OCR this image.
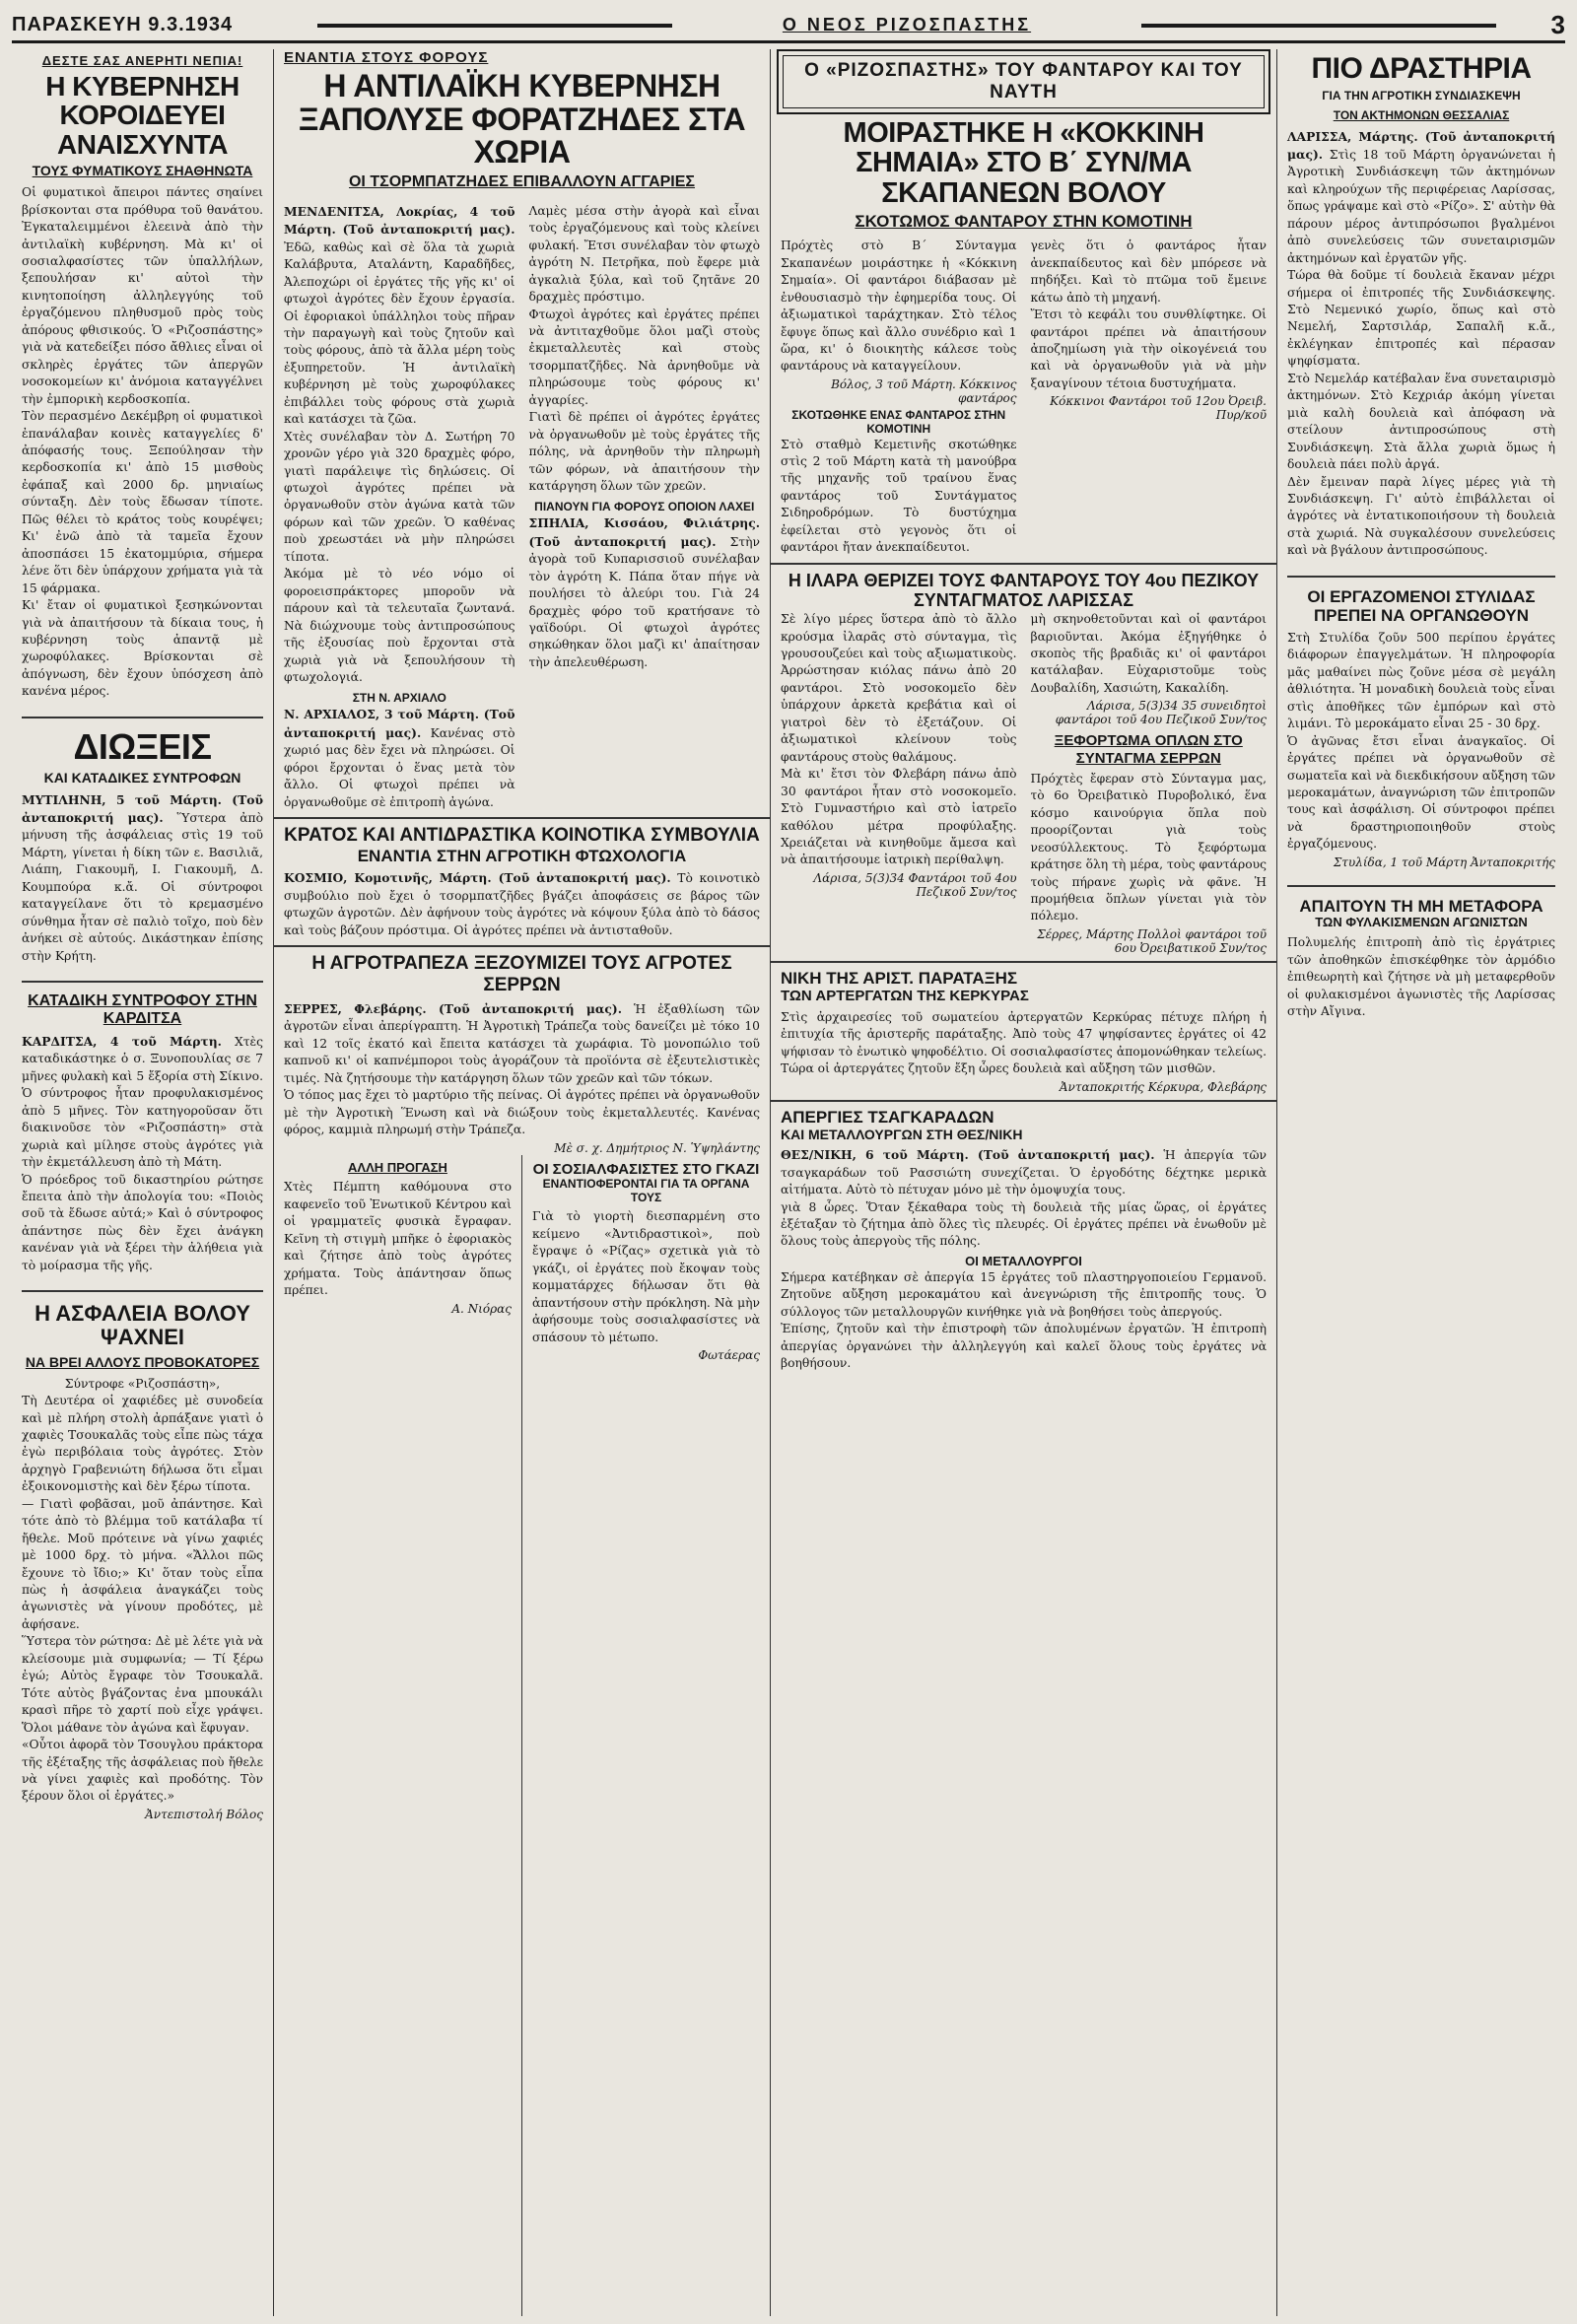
ΠΑΡΑΣΚΕΥΗ 9.3.1934	Ο ΝΕΟΣ ΡΙΖΟΣΠΑΣΤΗΣ	3
ΔΕΣΤΕ ΣΑΣ ΑΝΕΡΗΤΙ ΝΕΠΙΑ!
Η ΚΥΒΕΡΝΗΣΗ ΚΟΡΟΙΔΕΥΕΙ ΑΝΑΙΣΧΥΝΤΑ
ΤΟΥΣ ΦΥΜΑΤΙΚΟΥΣ ΣΗΑΘΗΝΩΤΑ

Οἱ φυματικοὶ ἄπειροι πάντες σηαίνει βρίσκονται στα πρόθυρα τοῦ θανάτου. Ἐγκαταλειμμένοι ἐλεεινὰ ἀπὸ τὴν ἀντιλαϊκὴ κυβέρνηση. Μὰ κι' οἱ σοσιαλφασίστες τῶν ὑπαλλήλων, ξεπουλήσαν κι' αὐτοὶ τὴν κινητοποίηση ἀλληλεγγύης τοῦ ἐργαζόμενου πληθυσμοῦ πρὸς τοὺς ἀπόρους φθισικούς. Ὁ «Ριζοσπάστης» γιὰ νὰ κατεδείξει πόσο ἄθλιες εἶναι οἱ σκληρὲς ἐργάτες τῶν ἀπεργῶν νοσοκομείων κι' ἀνόμοια καταγγέλνει τὴν ἐμπορικὴ κερδοσκοπία.

Τὸν περασμένο Δεκέμβρη οἱ φυματικοὶ ἐπανάλαβαν κοινὲς καταγγελίες δ' ἀπόφασής τους. Ξεπούλησαν τὴν κερδοσκοπία κι' ἀπὸ 15 μισθοὺς ἐφάπαξ καὶ 2000 δρ. μηνιαίως σύνταξη. Δὲν τοὺς ἔδωσαν τίποτε. Πῶς θέλει τὸ κράτος τοὺς κουρέψει; Κι' ἐνῶ ἀπὸ τὰ ταμεῖα ἔχουν ἀποσπάσει 15 ἐκατομμύρια, σήμερα λένε ὅτι δὲν ὑπάρχουν χρήματα γιὰ τὰ 15 φάρμακα.

Κι' ἔταν οἱ φυματικοὶ ξεσηκώνονται γιὰ νὰ ἀπαιτήσουν τὰ δίκαια τους, ἡ κυβέρνηση τοὺς ἀπαντᾷ μὲ χωροφύλακες. Βρίσκονται σὲ ἀπόγνωση, δὲν ἔχουν ὑπόσχεση ἀπὸ κανένα μέρος.

ΔΙΩΞΕΙΣ
ΚΑΙ ΚΑΤΑΔΙΚΕΣ ΣΥΝΤΡΟΦΩΝ

ΜΥΤΙΛΗΝΗ, 5 τοῦ Μάρτη. (Τοῦ ἀνταποκριτή μας). Ὕστερα ἀπὸ μήνυση τῆς ἀσφάλειας στὶς 19 τοῦ Μάρτη, γίνεται ἡ δίκη τῶν ε. Βασιλιᾶ, Λιάπη, Γιακουμῆ, Ι. Γιακουμῆ, Δ. Κουμπούρα κ.ἄ. Οἱ σύντροφοι καταγγείλανε ὅτι τὸ κρεμασμένο σύνθημα ἦταν σὲ παλιὸ τοῖχο, ποὺ δὲν ἀνήκει σὲ αὐτούς. Δικάστηκαν ἐπίσης στὴν Κρήτη.

ΚΑΤΑΔΙΚΗ ΣΥΝΤΡΟΦΟΥ ΣΤΗΝ ΚΑΡΔΙΤΣΑ

ΚΑΡΔΙΤΣΑ, 4 τοῦ Μάρτη. Χτὲς καταδικάστηκε ὁ σ. Ξυνοπουλίας σε 7 μῆνες φυλακὴ καὶ 5 ἔξορία στὴ Σίκινο. Ὁ σύντροφος ἦταν προφυλακισμένος ἀπὸ 5 μῆνες. Τὸν κατηγοροῦσαν ὅτι διακινοῦσε τὸν «Ριζοσπάστη» στὰ χωριὰ καὶ μίλησε στοὺς ἀγρότες γιὰ τὴν ἐκμετάλλευση ἀπὸ τὴ Μάτη.

Ὁ πρόεδρος τοῦ δικαστηρίου ρώτησε ἔπειτα ἀπὸ τὴν ἀπολογία του: «Ποιὸς σοῦ τὰ ἔδωσε αὐτά;» Καὶ ὁ σύντροφος ἀπάντησε πὼς δὲν ἔχει ἀνάγκη κανέναν γιὰ νὰ ξέρει τὴν ἀλήθεια γιὰ τὸ μοίρασμα τῆς γῆς.

Η ΑΣΦΑΛΕΙΑ ΒΟΛΟΥ ΨΑΧΝΕΙ
ΝΑ ΒΡΕΙ ΑΛΛΟΥΣ ΠΡΟΒΟΚΑΤΟΡΕΣ

Σύντροφε «Ριζοσπάστη»,

Τὴ Δευτέρα οἱ χαφιέδες μὲ συνοδεία καὶ μὲ πλήρη στολὴ ἀρπάξανε γιατὶ ὁ χαφιὲς Τσουκαλᾶς τοὺς εἶπε πὼς τάχα ἐγὼ περιβόλαια τοὺς ἀγρότες. Στὸν ἀρχηγὸ Γραβενιώτη δήλωσα ὅτι εἶμαι ἐξοικονομιστὴς καὶ δὲν ξέρω τίποτα.

— Γιατὶ φοβᾶσαι, μοῦ ἀπάντησε. Καὶ τότε ἀπὸ τὸ βλέμμα τοῦ κατάλαβα τί ἤθελε. Μοῦ πρότεινε νὰ γίνω χαφιές μὲ 1000 δρχ. τὸ μήνα. «Ἄλλοι πῶς ἔχουνε τὸ ἴδιο;» Κι' ὅταν τοὺς εἶπα πὼς ἡ ἀσφάλεια ἀναγκάζει τοὺς ἀγωνιστὲς νὰ γίνουν προδότες, μὲ ἀφήσανε.

Ὕστερα τὸν ρώτησα: Δὲ μὲ λέτε γιὰ νὰ κλείσουμε μιὰ συμφωνία; — Τί ξέρω ἐγώ; Αὐτὸς ἔγραφε τὸν Τσουκαλᾶ. Τότε αὐτὸς βγάζοντας ἐνα μπουκάλι κρασὶ πῆρε τὸ χαρτί ποὺ εἶχε γράψει. Ὅλοι μάθανε τὸν ἀγώνα καὶ ἔφυγαν.

«Οὗτοι ἀφορᾶ τὸν Τσουγλου πράκτορα τῆς ἐξέταξης τῆς ἀσφάλειας ποὺ ἤθελε νὰ γίνει χαφιὲς καὶ προδότης. Τὸν ξέρουν ὅλοι οἱ ἐργάτες.»

Ἀντεπιστολή Βόλος
ΕΝΑΝΤΙΑ ΣΤΟΥΣ ΦΟΡΟΥΣ
Η ΑΝΤΙΛΑΪΚΗ ΚΥΒΕΡΝΗΣΗ ΞΑΠΟΛΥΣΕ ΦΟΡΑΤΖΗΔΕΣ ΣΤΑ ΧΩΡΙΑ
ΟΙ ΤΣΟΡΜΠΑΤΖΗΔΕΣ ΕΠΙΒΑΛΛΟΥΝ ΑΓΓΑΡΙΕΣ

ΜΕΝΔΕΝΙΤΣΑ, Λοκρίας, 4 τοῦ Μάρτη. (Τοῦ ἀνταποκριτή μας). Ἐδῶ, καθὼς καὶ σὲ ὅλα τὰ χωριὰ Καλάβρυτα, Αταλάντη, Καραδῆδες, Ἀλεποχώρι οἱ ἐργάτες τῆς γῆς κι' οἱ φτωχοὶ ἀγρότες δὲν ἔχουν ἐργασία. Οἱ ἐφοριακοὶ ὑπάλληλοι τοὺς πῆραν τὴν παραγωγὴ καὶ τοὺς ζητοῦν καὶ τοὺς φόρους, ἀπὸ τὰ ἄλλα μέρη τοὺς ἐξυπηρετοῦν. Ἡ ἀντιλαϊκὴ κυβέρνηση μὲ τοὺς χωροφύλακες ἐπιβάλλει τοὺς φόρους στὰ χωριὰ καὶ κατάσχει τὰ ζῶα.

Χτὲς συνέλαβαν τὸν Δ. Σωτήρη 70 χρονῶν γέρο γιὰ 320 δραχμὲς φόρο, γιατὶ παράλειψε τὶς δηλώσεις. Οἱ φτωχοὶ ἀγρότες πρέπει νὰ ὀργανωθοῦν στὸν ἀγώνα κατὰ τῶν φόρων καὶ τῶν χρεῶν. Ὁ καθένας ποὺ χρεωστάει νὰ μὴν πληρώσει τίποτα.

Ἀκόμα μὲ τὸ νέο νόμο οἱ φοροεισπράκτορες μποροῦν νὰ πάρουν καὶ τὰ τελευταῖα ζωντανά. Νὰ διώχνουμε τοὺς ἀντιπροσώπους τῆς ἐξουσίας ποὺ ἔρχονται στὰ χωριὰ γιὰ νὰ ξεπουλήσουν τὴ φτωχολογιά.

ΣΤΗ Ν. ΑΡΧΙΑΛΟ

Ν. ΑΡΧΙΑΛΟΣ, 3 τοῦ Μάρτη. (Τοῦ ἀνταποκριτή μας). Κανένας στὸ χωριό μας δὲν ἔχει νὰ πληρώσει. Οἱ φόροι ἔρχονται ὁ ἕνας μετὰ τὸν ἄλλο. Οἱ φτωχοὶ πρέπει νὰ ὀργανωθοῦμε σὲ ἐπιτροπὴ ἀγώνα.

Λαμὲς μέσα στὴν ἀγορὰ καὶ εἶναι τοὺς ἐργαζόμενους καὶ τοὺς κλείνει φυλακή. Ἔτσι συνέλαβαν τὸν φτωχὸ ἀγρότη Ν. Πετρῆκα, ποὺ ἔφερε μιὰ ἀγκαλιὰ ξύλα, καὶ τοῦ ζητᾶνε 20 δραχμὲς πρόστιμο.

Φτωχοὶ ἀγρότες καὶ ἐργάτες πρέπει νὰ ἀντιταχθοῦμε ὅλοι μαζὶ στοὺς ἐκμεταλλευτὲς καὶ στοὺς τσορμπατζῆδες. Νὰ ἀρνηθοῦμε νὰ πληρώσουμε τοὺς φόρους κι' ἀγγαρίες.

Γιατὶ δὲ πρέπει οἱ ἀγρότες ἐργάτες νὰ ὀργανωθοῦν μὲ τοὺς ἐργάτες τῆς πόλης, νὰ ἀρνηθοῦν τὴν πληρωμὴ τῶν φόρων, νὰ ἀπαιτήσουν τὴν κατάργηση ὅλων τῶν χρεῶν.

ΠΙΑΝΟΥΝ ΓΙΑ ΦΟΡΟΥΣ ΟΠΟΙΟΝ ΛΑΧΕΙ

ΣΠΗΛΙΑ, Κισσάου, Φιλιάτρης. (Τοῦ ἀνταποκριτή μας). Στὴν ἀγορὰ τοῦ Κυπαρισσιοῦ συνέλαβαν τὸν ἀγρότη Κ. Πάπα ὅταν πήγε νὰ πουλήσει τὸ ἀλεύρι του. Γιὰ 24 δραχμὲς φόρο τοῦ κρατήσανε τὸ γαϊδούρι. Οἱ φτωχοὶ ἀγρότες σηκώθηκαν ὅλοι μαζὶ κι' ἀπαίτησαν τὴν ἀπελευθέρωση.

ΚΡΑΤΟΣ ΚΑΙ ΑΝΤΙΔΡΑΣΤΙΚΑ ΚΟΙΝΟΤΙΚΑ ΣΥΜΒΟΥΛΙΑ
ΕΝΑΝΤΙΑ ΣΤΗΝ ΑΓΡΟΤΙΚΗ ΦΤΩΧΟΛΟΓΙΑ

ΚΟΣΜΙΟ, Κομοτινῆς, Μάρτη. (Τοῦ ἀνταποκριτή μας). Τὸ κοινοτικὸ συμβούλιο ποὺ ἔχει ὁ τσορμπατζῆδες βγάζει ἀποφάσεις σε βάρος τῶν φτωχῶν ἀγροτῶν. Δὲν ἀφήνουν τοὺς ἀγρότες νὰ κόψουν ξύλα ἀπὸ τὸ δάσος καὶ τοὺς βάζουν πρόστιμα. Οἱ ἀγρότες πρέπει νὰ ἀντισταθοῦν.

Η ΑΓΡΟΤΡΑΠΕΖΑ ΞΕΖΟΥΜΙΖΕΙ ΤΟΥΣ ΑΓΡΟΤΕΣ ΣΕΡΡΩΝ

ΣΕΡΡΕΣ, Φλεβάρης. (Τοῦ ἀνταποκριτή μας). Ἡ ἐξαθλίωση τῶν ἀγροτῶν εἶναι ἀπερίγραπτη. Ἡ Ἀγροτικὴ Τράπεζα τοὺς δανείζει μὲ τόκο 10 καὶ 12 τοῖς ἑκατό καὶ ἔπειτα κατάσχει τὰ χωράφια. Τὸ μονοπώλιο τοῦ καπνοῦ κι' οἱ καπνέμποροι τοὺς ἀγοράζουν τὰ προϊόντα σὲ ἐξευτελιστικὲς τιμές. Νὰ ζητήσουμε τὴν κατάργηση ὅλων τῶν χρεῶν καὶ τῶν τόκων.

Ὁ τόπος μας ἔχει τὸ μαρτύριο τῆς πείνας. Οἱ ἀγρότες πρέπει νὰ ὀργανωθοῦν μὲ τὴν Ἀγροτικὴ Ἕνωση καὶ νὰ διώξουν τοὺς ἐκμεταλλευτές. Κανένας φόρος, καμμιὰ πληρωμή στὴν Τράπεζα.

Μὲ σ. χ. Δημήτριος Ν. Ὑψηλάντης
ΑΛΛΗ ΠΡΟΓΑΣΗ

Χτὲς Πέμπτη καθόμουνα στο καφενεῖο τοῦ Ἐνωτικοῦ Κέντρου καὶ οἱ γραμματεῖς φυσικὰ ἔγραφαν. Κεῖνη τὴ στιγμὴ μπῆκε ὁ ἐφοριακὸς καὶ ζήτησε ἀπὸ τοὺς ἀγρότες χρήματα. Τοὺς ἀπάντησαν ὅπως πρέπει.

Α. Νιόρας
ΟΙ ΣΟΣΙΑΛΦΑΣΙΣΤΕΣ ΣΤΟ ΓΚΑΖΙ
ΕΝΑΝΤΙΟΦΕΡΟΝΤΑΙ ΓΙΑ ΤΑ ΟΡΓΑΝΑ ΤΟΥΣ

Γιὰ τὸ γιορτὴ διεσπαρμένη στο κείμενο «Ἀντιδραστικοὶ», ποὺ ἔγραψε ὁ «Ρίζας» σχετικὰ γιὰ τὸ γκάζι, οἱ ἐργάτες ποὺ ἔκοψαν τοὺς κομματάρχες δήλωσαν ὅτι θὰ ἀπαντήσουν στὴν πρόκληση. Νὰ μὴν ἀφήσουμε τοὺς σοσιαλφασίστες νὰ σπάσουν τὸ μέτωπο.

Φωτάερας
Ο «ΡΙΖΟΣΠΑΣΤΗΣ» ΤΟΥ ΦΑΝΤΑΡΟΥ ΚΑΙ ΤΟΥ ΝΑΥΤΗ
ΜΟΙΡΑΣΤΗΚΕ Η «ΚΟΚΚΙΝΗ ΣΗΜΑΙΑ» ΣΤΟ Β΄ ΣΥΝ/ΜΑ ΣΚΑΠΑΝΕΩΝ ΒΟΛΟΥ
ΣΚΟΤΩΜΟΣ ΦΑΝΤΑΡΟΥ ΣΤΗΝ ΚΟΜΟΤΙΝΗ

Πρόχτὲς στὸ Β΄ Σύνταγμα Σκαπανέων μοιράστηκε ἡ «Κόκκινη Σημαία». Οἱ φαντάροι διάβασαν μὲ ἐνθουσιασμὸ τὴν ἐφημερίδα τους. Οἱ ἀξιωματικοὶ ταράχτηκαν. Στὸ τέλος ἔφυγε ὅπως καὶ ἄλλο συνέδριο καὶ 1 ὥρα, κι' ὁ διοικητὴς κάλεσε τοὺς φαντάρους νὰ καταγγείλουν.

Βόλος, 3 τοῦ Μάρτη. Κόκκινος φαντάρος
ΣΚΟΤΩΘΗΚΕ ΕΝΑΣ ΦΑΝΤΑΡΟΣ ΣΤΗΝ ΚΟΜΟΤΙΝΗ

Στὸ σταθμὸ Κεμετινῆς σκοτώθηκε στὶς 2 τοῦ Μάρτη κατὰ τὴ μανούβρα τῆς μηχανῆς τοῦ τραίνου ἕνας φαντάρος τοῦ Συντάγματος Σιδηροδρόμων. Τὸ δυστύχημα ἐφείλεται στὸ γεγονὸς ὅτι οἱ φαντάροι ἤταν ἀνεκπαίδευτοι.

γενὲς ὅτι ὁ φαντάρος ἦταν ἀνεκπαίδευτος καὶ δὲν μπόρεσε νὰ πηδήξει. Καὶ τὸ πτῶμα τοῦ ἔμεινε κάτω ἀπὸ τὴ μηχανή.

Ἔτσι τὸ κεφάλι του συνθλίφτηκε. Οἱ φαντάροι πρέπει νὰ ἀπαιτήσουν ἀποζημίωση γιὰ τὴν οἰκογένειά του καὶ νὰ ὀργανωθοῦν γιὰ νὰ μὴν ξαναγίνουν τέτοια δυστυχήματα.

Κόκκινοι Φαντάροι τοῦ 12ου Ὀρειβ. Πυρ/κοῦ
Η ΙΛΑΡΑ ΘΕΡΙΖΕΙ ΤΟΥΣ ΦΑΝΤΑΡΟΥΣ ΤΟΥ 4ου ΠΕΖΙΚΟΥ ΣΥΝΤΑΓΜΑΤΟΣ ΛΑΡΙΣΣΑΣ

Σὲ λίγο μέρες ὕστερα ἀπὸ τὸ ἄλλο κρούσμα ἰλαρᾶς στὸ σύνταγμα, τὶς γρουσουζεύει καὶ τοὺς αξιωματικοὺς. Ἀρρώστησαν κιόλας πάνω ἀπὸ 20 φαντάροι. Στὸ νοσοκομεῖο δὲν ὑπάρχουν ἀρκετὰ κρεβάτια καὶ οἱ γιατροὶ δὲν τὸ ἐξετάζουν. Οἱ ἀξιωματικοὶ κλείνουν τοὺς φαντάρους στοὺς θαλάμους.

Μὰ κι' ἔτσι τὸν Φλεβάρη πάνω ἀπὸ 30 φαντάροι ἦταν στὸ νοσοκομεῖο. Στὸ Γυμναστήριο καὶ στὸ ἰατρεῖο καθόλου μέτρα προφύλαξης. Χρειάζεται νὰ κινηθοῦμε ἄμεσα καὶ νὰ ἀπαιτήσουμε ἰατρικὴ περίθαλψη.

Λάρισα, 5(3)34 Φαντάροι τοῦ 4ου Πεζικοῦ Συν/τος

μὴ σκηνοθετοῦνται καὶ οἱ φαντάροι βαριοῦνται. Ἀκόμα ἐξηγήθηκε ὁ σκοπὸς τῆς βραδιᾶς κι' οἱ φαντάροι κατάλαβαν. Εὐχαριστοῦμε τοὺς Δουβαλίδη, Χασιώτη, Κακαλίδη.

Λάρισα, 5(3)34 35 συνειδητοὶ φαντάροι τοῦ 4ου Πεζικοῦ Συν/τος
ΞΕΦΟΡΤΩΜΑ ΟΠΛΩΝ ΣΤΟ ΣΥΝΤΑΓΜΑ ΣΕΡΡΩΝ

Πρόχτὲς ἔφεραν στὸ Σύνταγμα μας, τὸ 6ο Ὀρειβατικὸ Πυροβολικό, ἕνα κόσμο καινούργια ὅπλα ποὺ προορίζονται γιὰ τοὺς νεοσύλλεκτους. Τὸ ξεφόρτωμα κράτησε ὅλη τὴ μέρα, τοὺς φαντάρους τοὺς πήρανε χωρὶς νὰ φᾶνε. Ἡ προμήθεια ὅπλων γίνεται γιὰ τὸν πόλεμο.

Σέρρες, Μάρτης Πολλοὶ φαντάροι τοῦ 6ου Ὀρειβατικοῦ Συν/τος
ΝΙΚΗ ΤΗΣ ΑΡΙΣΤ. ΠΑΡΑΤΑΞΗΣ
ΤΩΝ ΑΡΤΕΡΓΑΤΩΝ ΤΗΣ ΚΕΡΚΥΡΑΣ

Στὶς ἀρχαιρεσίες τοῦ σωματείου ἀρτεργατῶν Κερκύρας πέτυχε πλήρη ἡ ἐπιτυχία τῆς ἀριστερῆς παράταξης. Ἀπὸ τοὺς 47 ψηφίσαντες ἐργάτες οἱ 42 ψήφισαν τὸ ἐνωτικὸ ψηφοδέλτιο. Οἱ σοσιαλφασίστες ἀπομονώθηκαν τελείως. Τώρα οἱ ἀρτεργάτες ζητοῦν ἔξη ὧρες δουλειὰ καὶ αὔξηση τῶν μισθῶν.

Ἀνταποκριτής Κέρκυρα, Φλεβάρης
ΑΠΕΡΓΙΕΣ ΤΣΑΓΚΑΡΑΔΩΝ
ΚΑΙ ΜΕΤΑΛΛΟΥΡΓΩΝ ΣΤΗ ΘΕΣ/ΝΙΚΗ

ΘΕΣ/ΝΙΚΗ, 6 τοῦ Μάρτη. (Τοῦ ἀνταποκριτή μας). Ἡ ἀπεργία τῶν τσαγκαράδων τοῦ Ρασσιώτη συνεχίζεται. Ὁ ἐργοδότης δέχτηκε μερικὰ αἰτήματα. Αὐτὸ τὸ πέτυχαν μόνο μὲ τὴν ὁμοψυχία τους.

γιὰ 8 ὧρες. Ὅταν ξέκαθαρα τοὺς τὴ δουλειὰ τῆς μίας ὥρας, οἱ ἐργάτες ἐξέταξαν τὸ ζήτημα ἀπὸ ὅλες τὶς πλευρές. Οἱ ἐργάτες πρέπει νὰ ἑνωθοῦν μὲ ὅλους τοὺς ἀπεργοὺς τῆς πόλης.

ΟΙ ΜΕΤΑΛΛΟΥΡΓΟΙ

Σήμερα κατέβηκαν σὲ ἀπεργία 15 ἐργάτες τοῦ πλαστηργοποιείου Γερμανοῦ. Ζητοῦνε αὔξηση μεροκαμάτου καὶ ἀνεγνώριση τῆς ἐπιτροπῆς τους. Ὁ σύλλογος τῶν μεταλλουργῶν κινήθηκε γιὰ νὰ βοηθήσει τοὺς ἀπεργούς.

Ἐπίσης, ζητοῦν καὶ τὴν ἐπιστροφὴ τῶν ἀπολυμένων ἐργατῶν. Ἡ ἐπιτροπὴ ἀπεργίας ὀργανώνει τὴν ἀλληλεγγύη καὶ καλεῖ ὅλους τοὺς ἐργάτες νὰ βοηθήσουν.

ΠΙΟ ΔΡΑΣΤΗΡΙΑ
ΓΙΑ ΤΗΝ ΑΓΡΟΤΙΚΗ ΣΥΝΔΙΑΣΚΕΨΗ
ΤΟΝ ΑΚΤΗΜΟΝΩΝ ΘΕΣΣΑΛΙΑΣ

ΛΑΡΙΣΣΑ, Μάρτης. (Τοῦ ἀνταποκριτή μας). Στὶς 18 τοῦ Μάρτη ὀργανώνεται ἡ Ἀγροτικὴ Συνδιάσκεψη τῶν ἀκτημόνων καὶ κληρούχων τῆς περιφέρειας Λαρίσσας, ὅπως γράψαμε καὶ στὸ «Ρίζο». Σ' αὐτὴν θὰ πάρουν μέρος ἀντιπρόσωποι βγαλμένοι ἀπὸ συνελεύσεις τῶν συνεταιρισμῶν ἀκτημόνων καὶ ἐργατῶν γῆς.

Τώρα θὰ δοῦμε τί δουλειὰ ἔκαναν μέχρι σήμερα οἱ ἐπιτροπές τῆς Συνδιάσκεψης. Στὸ Νεμενικό χωρίο, ὅπως καὶ στὸ Νεμελή, Σαρτσιλάρ, Σαπαλῆ κ.ἄ., ἐκλέγηκαν ἐπιτροπές καὶ πέρασαν ψηφίσματα.

Στὸ Νεμελάρ κατέβαλαν ἕνα συνεταιρισμὸ ἀκτημόνων. Στὸ Κεχριάρ ἀκόμη γίνεται μιὰ καλὴ δουλειὰ καὶ ἀπόφαση νὰ στείλουν ἀντιπροσώπους στὴ Συνδιάσκεψη. Στὰ ἄλλα χωριὰ ὅμως ἡ δουλειὰ πάει πολὺ ἀργά.

Δὲν ἔμειναν παρὰ λίγες μέρες γιὰ τὴ Συνδιάσκεψη. Γι' αὐτὸ ἐπιβάλλεται οἱ ἀγρότες νὰ ἐντατικοποιήσουν τὴ δουλειὰ στὰ χωριά. Νὰ συγκαλέσουν συνελεύσεις καὶ νὰ βγάλουν ἀντιπροσώπους.

ΟΙ ΕΡΓΑΖΟΜΕΝΟΙ ΣΤΥΛΙΔΑΣ
ΠΡΕΠΕΙ ΝΑ ΟΡΓΑΝΩΘΟΥΝ

Στὴ Στυλίδα ζοῦν 500 περίπου ἐργάτες διάφορων ἐπαγγελμάτων. Ἡ πληροφορία μᾶς μαθαίνει πὼς ζοῦνε μέσα σὲ μεγάλη ἀθλιότητα. Ἡ μοναδικὴ δουλειὰ τοὺς εἶναι στὶς ἀποθῆκες τῶν ἐμπόρων καὶ στὸ λιμάνι. Τὸ μεροκάματο εἶναι 25 - 30 δρχ.

Ὁ ἀγῶνας ἔτσι εἶναι ἀναγκαῖος. Οἱ ἐργάτες πρέπει νὰ ὀργανωθοῦν σὲ σωματεῖα καὶ νὰ διεκδικήσουν αὔξηση τῶν μεροκαμάτων, ἀναγνώριση τῶν ἐπιτροπῶν τους καὶ ἀσφάλιση. Οἱ σύντροφοι πρέπει νὰ δραστηριοποιηθοῦν στοὺς ἐργαζόμενους.

Στυλίδα, 1 τοῦ Μάρτη Ἀνταποκριτής
ΑΠΑΙΤΟΥΝ ΤΗ ΜΗ ΜΕΤΑΦΟΡΑ
ΤΩΝ ΦΥΛΑΚΙΣΜΕΝΩΝ ΑΓΩΝΙΣΤΩΝ

Πολυμελής ἐπιτροπὴ ἀπὸ τὶς ἐργάτριες τῶν ἀποθηκῶν ἐπισκέφθηκε τὸν ἀρμόδιο ἐπιθεωρητὴ καὶ ζήτησε νὰ μὴ μεταφερθοῦν οἱ φυλακισμένοι ἀγωνιστὲς τῆς Λαρίσσας στὴν Αἴγινα.
